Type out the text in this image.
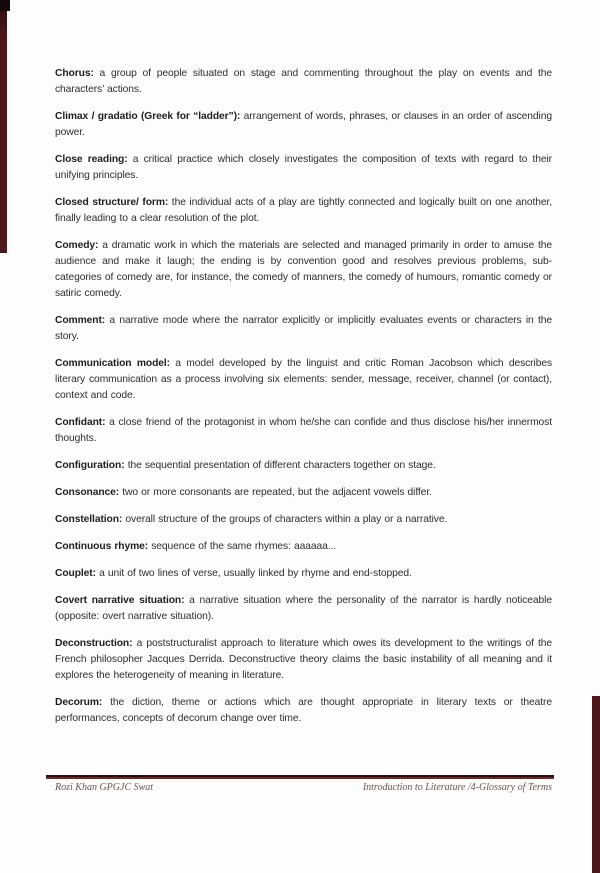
Chorus: a group of people situated on stage and commenting throughout the play on events and the characters’ actions.

Climax / gradatio (Greek for “ladder”): arrangement of words, phrases, or clauses in an order of ascending power.

Close reading: a critical practice which closely investigates the composition of texts with regard to their unifying principles.

Closed structure/ form: the individual acts of a play are tightly connected and logically built on one another, finally leading to a clear resolution of the plot.

Comedy: a dramatic work in which the materials are selected and managed primarily in order to amuse the audience and make it laugh; the ending is by convention good and resolves previous problems, sub-categories of comedy are, for instance, the comedy of manners, the comedy of humours, romantic comedy or satiric comedy.

Comment: a narrative mode where the narrator explicitly or implicitly evaluates events or characters in the story.

Communication model: a model developed by the linguist and critic Roman Jacobson which describes literary communication as a process involving six elements: sender, message, receiver, channel (or contact), context and code.

Confidant: a close friend of the protagonist in whom he/she can confide and thus disclose his/her innermost thoughts.

Configuration: the sequential presentation of different characters together on stage.

Consonance: two or more consonants are repeated, but the adjacent vowels differ.

Constellation: overall structure of the groups of characters within a play or a narrative.

Continuous rhyme: sequence of the same rhymes: aaaaaa...

Couplet: a unit of two lines of verse, usually linked by rhyme and end-stopped.

Covert narrative situation: a narrative situation where the personality of the narrator is hardly noticeable (opposite: overt narrative situation).

Deconstruction: a poststructuralist approach to literature which owes its development to the writings of the French philosopher Jacques Derrida. Deconstructive theory claims the basic instability of all meaning and it explores the heterogeneity of meaning in literature.

Decorum: the diction, theme or actions which are thought appropriate in literary texts or theatre performances, concepts of decorum change over time.

Rozi Khan GPGJC Swat	Introduction to Literature /4-Glossary of Terms
